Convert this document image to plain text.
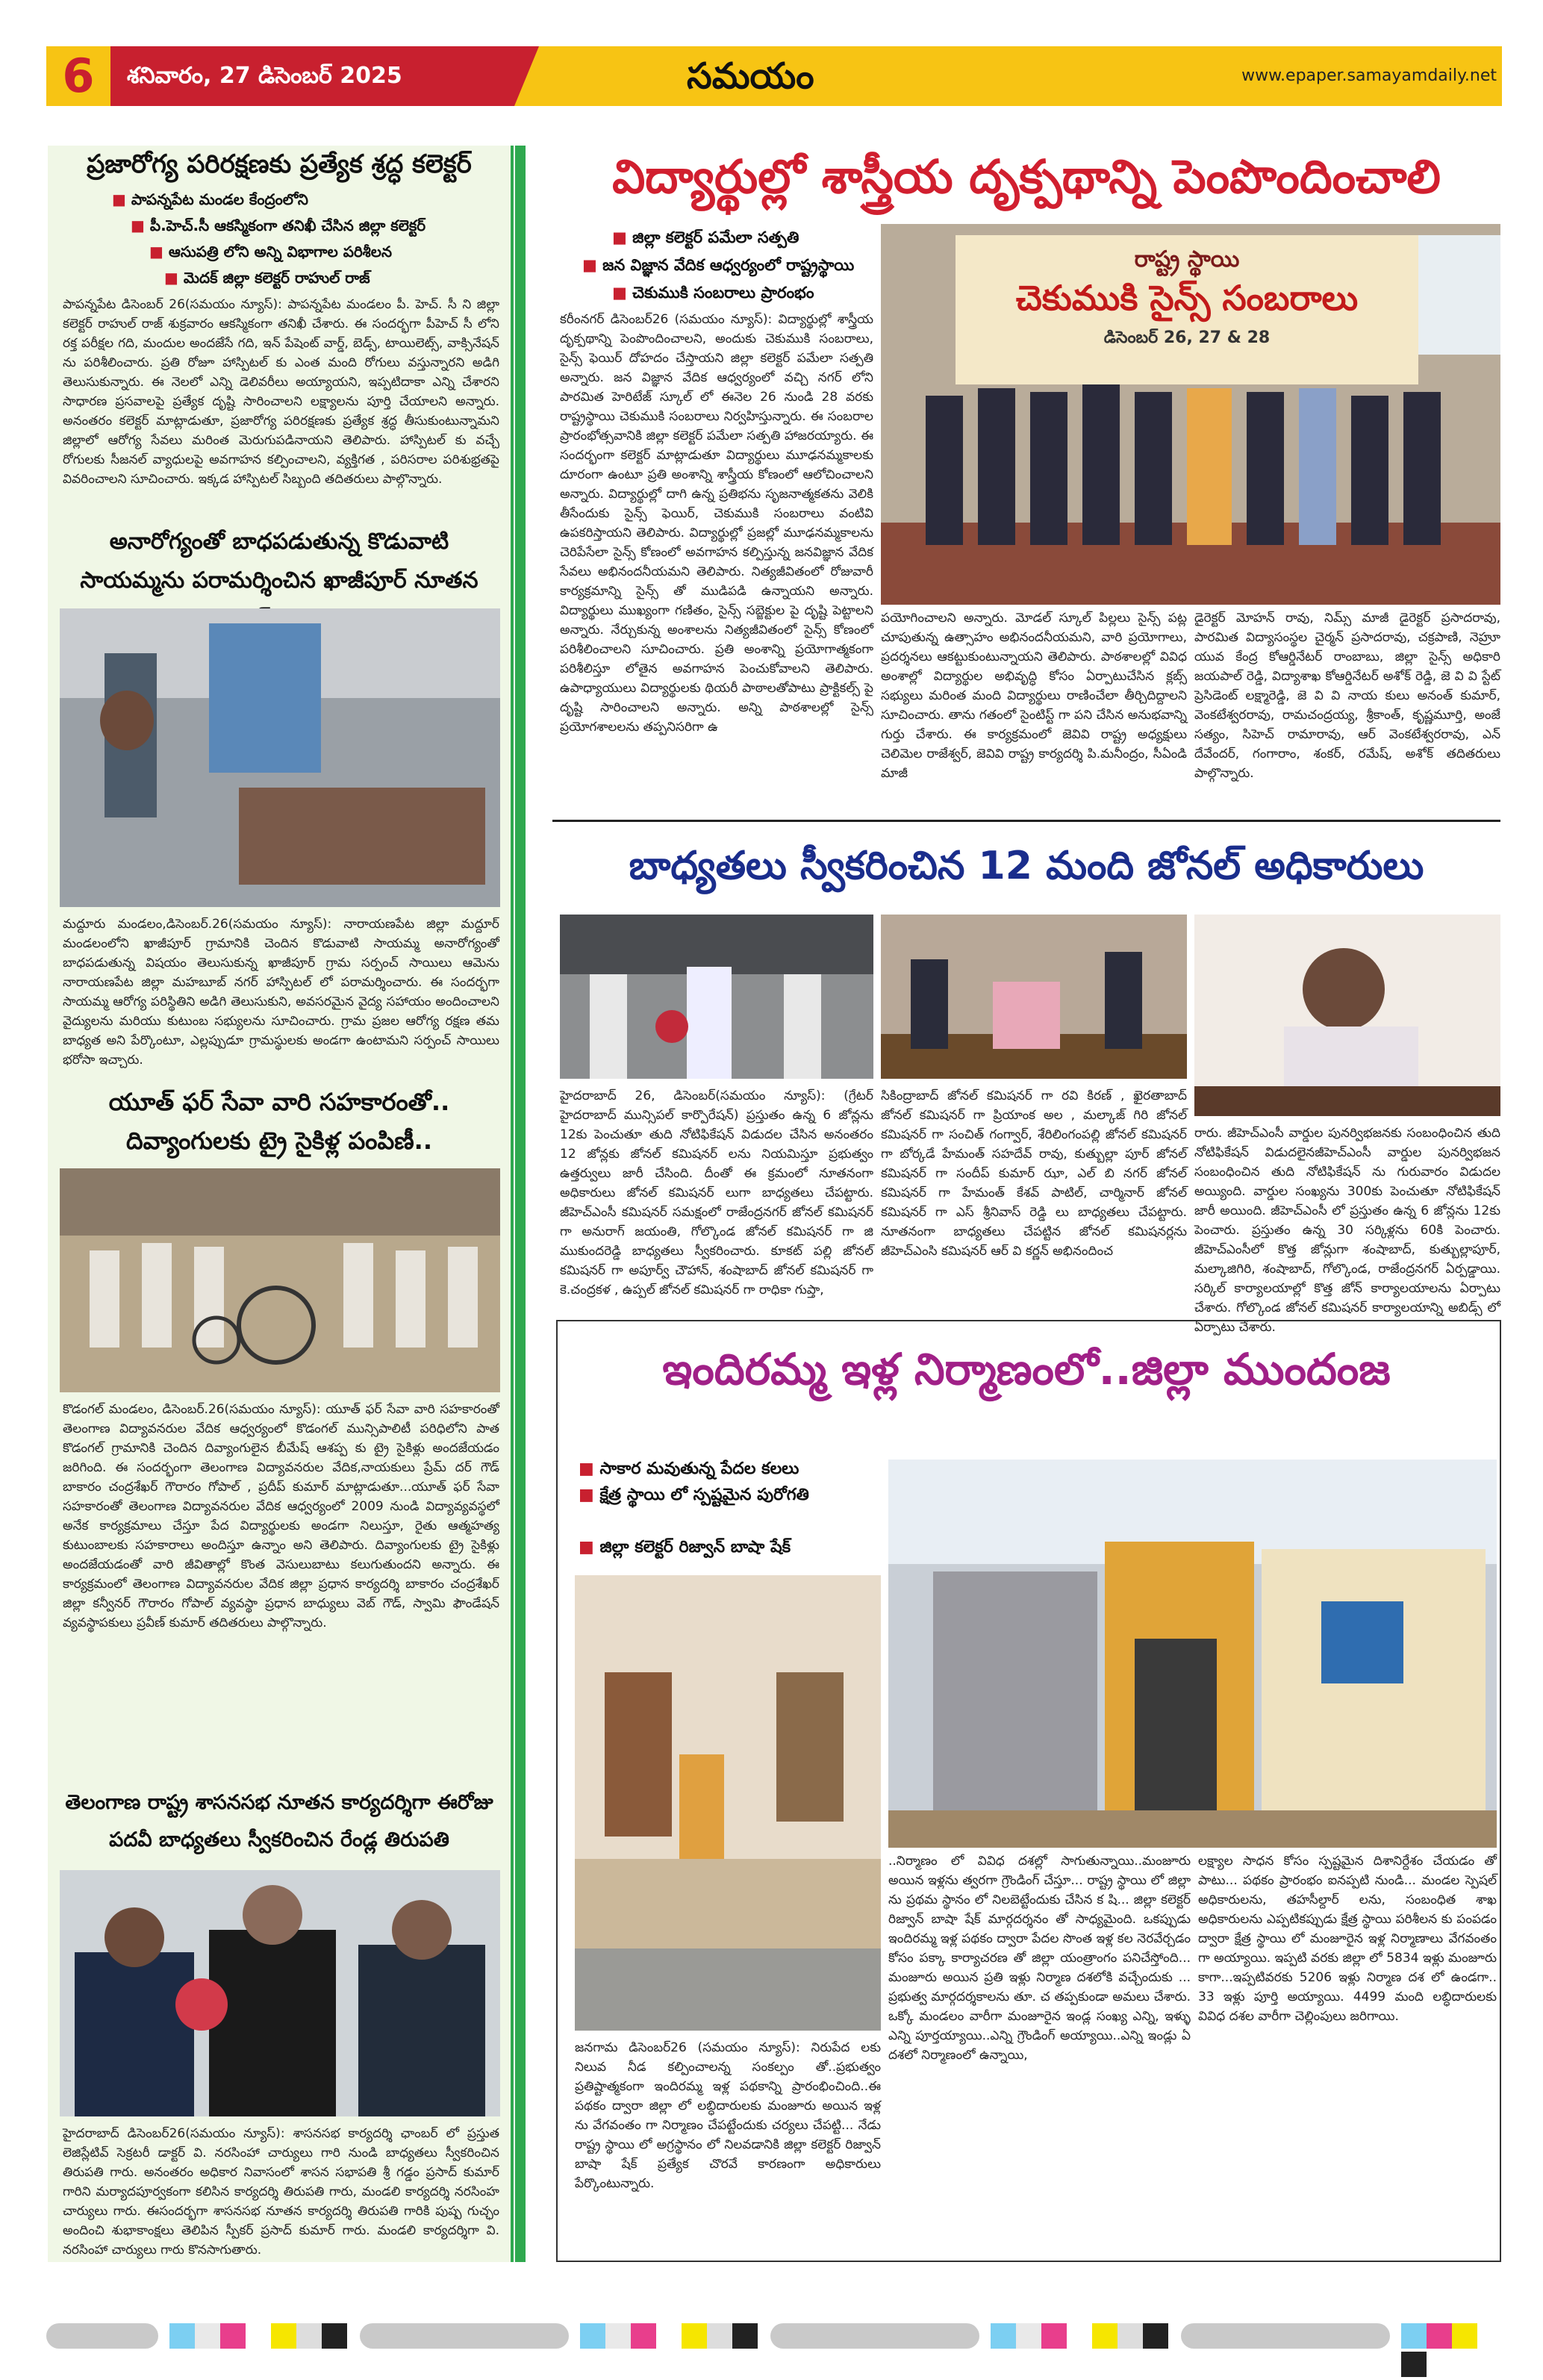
6	శనివారం, 27 డిసెంబర్ 2025	సమయం	www.epaper.samayamdaily.net
ప్రజారోగ్య పరిరక్షణకు ప్రత్యేక శ్రద్ధ కలెక్టర్
■ పాపన్నపేట మండల కేంద్రంలోని
■ పీ.హెచ్.సీ ఆకస్మికంగా తనిఖీ చేసిన జిల్లా కలెక్టర్
■ ఆసుపత్రి లోని అన్ని విభాగాల పరిశీలన
■ మెదక్ జిల్లా కలెక్టర్ రాహుల్ రాజ్
పాపన్నపేట డిసెంబర్ 26(సమయం న్యూస్): పాపన్నపేట మండలం పీ. హెచ్. సీ ని జిల్లా కలెక్టర్ రాహుల్ రాజ్ శుక్రవారం ఆకస్మికంగా తనిఖీ చేశారు. ఈ సందర్భగా పీహెచ్ సీ లోని రక్త పరీక్షల గది, మందుల అందజేసే గది, ఇన్ పేషెంట్ వార్డ్, బెడ్స్, టాయిలెట్స్, వాక్సినేషన్ ను పరిశీలించారు. ప్రతి రోజూ హాస్పిటల్ కు ఎంత మంది రోగులు వస్తున్నారని అడిగి తెలుసుకున్నారు. ఈ నెలలో ఎన్ని డెలివరీలు అయ్యాయని, ఇప్పటిదాకా ఎన్ని చేశారని సాధారణ ప్రసవాలపై ప్రత్యేక దృష్టి సారించాలని లక్ష్యాలను పూర్తి చేయాలని అన్నారు. అనంతరం కలెక్టర్ మాట్లాడుతూ, ప్రజారోగ్య పరిరక్షణకు ప్రత్యేక శ్రద్ధ తీసుకుంటున్నామని జిల్లాలో ఆరోగ్య సేవలు మరింత మెరుగుపడినాయని తెలిపారు. హాస్పిటల్ కు వచ్చే రోగులకు సీజనల్ వ్యాధులపై అవగాహన కల్పించాలని, వ్యక్తిగత , పరిసరాల పరిశుభ్రతపై వివరించాలని సూచించారు. ఇక్కడ హాస్పిటల్ సిబ్బంది తదితరులు పాల్గొన్నారు.
అనారోగ్యంతో బాధపడుతున్న కొడువాటి సాయమ్మను పరామర్శించిన ఖాజీపూర్ నూతన
మద్దూరు మండలం,డిసెంబర్.26(సమయం న్యూస్): నారాయణపేట జిల్లా మద్దూర్ మండలంలోని ఖాజీపూర్ గ్రామానికి చెందిన కొడువాటి సాయమ్మ అనారోగ్యంతో బాధపడుతున్న విషయం తెలుసుకున్న ఖాజీపూర్ గ్రామ సర్పంచ్ సాయిలు ఆమెను నారాయణపేట జిల్లా మహబూబ్ నగర్ హాస్పిటల్ లో పరామర్శించారు. ఈ సందర్భగా సాయమ్మ ఆరోగ్య పరిస్థితిని అడిగి తెలుసుకుని, అవసరమైన వైద్య సహాయం అందించాలని వైద్యులను మరియు కుటుంబ సభ్యులను సూచించారు. గ్రామ ప్రజల ఆరోగ్య రక్షణ తమ బాధ్యత అని పేర్కొంటూ, ఎల్లప్పుడూ గ్రామస్థులకు అండగా ఉంటామని సర్పంచ్ సాయిలు భరోసా ఇచ్చారు.
యూత్ ఫర్ సేవా వారి సహకారంతో.. దివ్యాంగులకు ట్రై సైకిళ్ల పంపిణీ..
కొడంగల్ మండలం, డిసెంబర్.26(సమయం న్యూస్): యూత్ ఫర్ సేవా వారి సహకారంతో తెలంగాణ విద్యావనరుల వేదిక ఆధ్వర్యంలో కొడంగల్ మున్సిపాలిటీ పరిధిలోని పాత కొడంగల్ గ్రామానికి చెందిన దివ్యాంగులైన బీమేష్ ఆశప్ప కు ట్రై సైకిళ్లు అందజేయడం జరిగింది. ఈ సందర్భంగా తెలంగాణ విద్యావనరుల వేదిక,నాయకులు ప్రేమ్ దర్ గౌడ్ బాకారం చంద్రశేఖర్ గౌరారం గోపాల్ , ప్రదీప్ కుమార్ మాట్లాడుతూ...యూత్ ఫర్ సేవా సహకారంతో తెలంగాణ విద్యావనరుల వేదిక ఆధ్వర్యంలో 2009 నుండి విద్యావ్యవస్థలో అనేక కార్యక్రమాలు చేస్తూ పేద విద్యార్థులకు అండగా నిలుస్తూ, రైతు ఆత్మహత్య కుటుంబాలకు సహకారాలు అందిస్తూ ఉన్నాం అని తెలిపారు. దివ్యాంగులకు ట్రై సైకిళ్లు అందజేయడంతో వారి జీవితాల్లో కొంత వెసులుబాటు కలుగుతుందని అన్నారు. ఈ కార్యక్రమంలో తెలంగాణ విద్యావనరుల వేదిక జిల్లా ప్రధాన కార్యదర్శి బాకారం చంద్రశేఖర్ జిల్లా కన్వీనర్ గౌరారం గోపాల్ వ్యవస్థా ప్రధాన బాధ్యులు వెబ్ గౌడ్, స్వామి ఫౌండేషన్ వ్యవస్థాపకులు ప్రవీణ్ కుమార్ తదితరులు పాల్గొన్నారు.
తెలంగాణ రాష్ట్ర శాసనసభ నూతన కార్యదర్శిగా ఈరోజు పదవీ బాధ్యతలు స్వీకరించిన రేండ్ల తిరుపతి
హైదరాబాద్ డిసెంబర్26(సమయం న్యూస్): శాసనసభ కార్యదర్శి ఛాంబర్ లో ప్రస్తుత లెజిస్లేటివ్ సెక్రటరీ డాక్టర్ వి. నరసింహా చార్యులు గారి నుండి బాధ్యతలు స్వీకరించిన తిరుపతి గారు. అనంతరం అధికార నివాసంలో శాసన సభాపతి శ్రీ గడ్డం ప్రసాద్ కుమార్ గారిని మర్యాదపూర్వకంగా కలిసిన కార్యదర్శి తిరుపతి గారు, మండలి కార్యదర్శి నరసింహ చార్యులు గారు. ఈసందర్భగా శాసనసభ నూతన కార్యదర్శి తిరుపతి గారికి పుష్ప గుచ్ఛం అందించి శుభాకాంక్షలు తెలిపిన స్పీకర్ ప్రసాద్ కుమార్ గారు. మండలి కార్యదర్శిగా వి. నరసింహా చార్యులు గారు కొనసాగుతారు.
విద్యార్థుల్లో శాస్త్రీయ దృక్పథాన్ని పెంపొందించాలి
■ జిల్లా కలెక్టర్ పమేలా సత్పతి
■ జన విజ్ఞాన వేదిక ఆధ్వర్యంలో రాష్ట్రస్థాయి
■ చెకుముకి సంబరాలు ప్రారంభం
రాష్ట్ర స్థాయి
చెకుముకి సైన్స్ సంబరాలు
డిసెంబర్ 26, 27 & 28
కరీంనగర్ డిసెంబర్26 (సమయం న్యూస్): విద్యార్థుల్లో శాస్త్రీయ దృక్పథాన్ని పెంపొందించాలని, అందుకు చెకుముకి సంబరాలు, సైన్స్ ఫెయిర్ దోహదం చేస్తాయని జిల్లా కలెక్టర్ పమేలా సత్పతి అన్నారు. జన విజ్ఞాన వేదిక ఆధ్వర్యంలో వచ్చి నగర్ లోని పారమిత హెరిటేజ్ స్కూల్ లో ఈనెల 26 నుండి 28 వరకు రాష్ట్రస్థాయి చెకుముకి సంబరాలు నిర్వహిస్తున్నారు. ఈ సంబరాల ప్రారంభోత్సవానికి జిల్లా కలెక్టర్ పమేలా సత్పతి హాజరయ్యారు. ఈ సందర్భంగా కలెక్టర్ మాట్లాడుతూ విద్యార్థులు మూఢనమ్మకాలకు దూరంగా ఉంటూ ప్రతి అంశాన్ని శాస్త్రీయ కోణంలో ఆలోచించాలని అన్నారు. విద్యార్థుల్లో దాగి ఉన్న ప్రతిభను సృజనాత్మకతను వెలికి తీసేందుకు సైన్స్ ఫెయిర్, చెకుముకి సంబరాలు వంటివి ఉపకరిస్తాయని తెలిపారు. విద్యార్థుల్లో ప్రజల్లో మూఢనమ్మకాలను చెరిపేసేలా సైన్స్ కోణంలో అవగాహన కల్పిస్తున్న జనవిజ్ఞాన వేదిక సేవలు అభినందనీయమని తెలిపారు. నిత్యజీవితంలో రోజువారీ కార్యక్రమాన్ని సైన్స్ తో ముడిపడి ఉన్నాయని అన్నారు. విద్యార్థులు ముఖ్యంగా గణితం, సైన్స్ సబ్జెక్టుల పై దృష్టి పెట్టాలని అన్నారు. నేర్చుకున్న అంశాలను నిత్యజీవితంలో సైన్స్ కోణంలో పరిశీలించాలని సూచించారు. ప్రతి అంశాన్ని ప్రయోగాత్మకంగా పరిశీలిస్తూ లోతైన అవగాహన పెంచుకోవాలని తెలిపారు. ఉపాధ్యాయులు విద్యార్థులకు థియరీ పాఠాలతోపాటు ప్రాక్టికల్స్ పై దృష్టి సారించాలని అన్నారు. అన్ని పాఠశాలల్లో సైన్స్ ప్రయోగశాలలను తప్పనిసరిగా ఉ
పయోగించాలని అన్నారు. మోడల్ స్కూల్ పిల్లలు సైన్స్ పట్ల చూపుతున్న ఉత్సాహం అభినందనీయమని, వారి ప్రయోగాలు, ప్రదర్శనలు ఆకట్టుకుంటున్నాయని తెలిపారు. పాఠశాలల్లో వివిధ అంశాల్లో విద్యార్థుల అభివృద్ధి కోసం ఏర్పాటుచేసిన క్లబ్స్ సభ్యులు మరింత మంది విద్యార్థులు రాణించేలా తీర్చిదిద్దాలని సూచించారు. తాను గతంలో సైంటిస్ట్ గా పని చేసిన అనుభవాన్ని గుర్తు చేశారు. ఈ కార్యక్రమంలో జెవివి రాష్ట్ర అధ్యక్షులు చెలిమెల రాజేశ్వర్, జెవివి రాష్ట్ర కార్యదర్శి పి.మనీంద్రం, సీఏండి మాజీ
డైరెక్టర్ మోహన్ రావు, నిమ్స్ మాజీ డైరెక్టర్ ప్రసాదరావు, పారమిత విద్యాసంస్థల చైర్మన్ ప్రసాదరావు, చక్రపాణి, నెహ్రూ యువ కేంద్ర కోఆర్డినేటర్ రాంబాబు, జిల్లా సైన్స్ అధికారి జయపాల్ రెడ్డి, విద్యాశాఖ కోఆర్డినేటర్ అశోక్ రెడ్డి, జె వి వి స్టేట్ ప్రెసిడెంట్ లక్ష్మారెడ్డి, జె వి వి నాయ కులు అనంత్ కుమార్, వెంకటేశ్వరరావు, రామచంద్రయ్య, శ్రీకాంత్, కృష్ణమూర్తి, అంజే సత్యం, సిహెచ్ రామారావు, ఆర్ వెంకటేశ్వరరావు, ఎన్ దేవేందర్, గంగారాం, శంకర్, రమేష్, అశోక్ తదితరులు పాల్గొన్నారు.
బాధ్యతలు స్వీకరించిన 12 మంది జోనల్ అధికారులు
హైదరాబాద్ 26, డిసెంబర్(సమయం న్యూస్): (గ్రేటర్ హైదరాబాద్ మున్సిపల్ కార్పొరేషన్) ప్రస్తుతం ఉన్న 6 జోన్లను 12కు పెంచుతూ తుది నోటిఫికేషన్ విడుదల చేసిన అనంతరం 12 జోన్లకు జోనల్ కమిషనర్ లను నియమిస్తూ ప్రభుత్వం ఉత్తర్వులు జారీ చేసింది. దీంతో ఈ క్రమంలో నూతనంగా అధికారులు జోనల్ కమిషనర్ లుగా బాధ్యతలు చేపట్టారు. జీహెచ్ఎంసీ కమిషనర్ సమక్షంలో రాజేంద్రనగర్ జోనల్ కమిషనర్ గా అనురాగ్ జయంతి, గోల్కొండ జోనల్ కమిషనర్ గా జి ముకుందరెడ్డి బాధ్యతలు స్వీకరించారు. కూకట్ పల్లి జోనల్ కమిషనర్ గా అపూర్వ్ చౌహాన్, శంషాబాద్ జోనల్ కమిషనర్ గా కె.చంద్రకళ , ఉప్పల్ జోనల్ కమిషనర్ గా రాధికా గుప్తా,
సికింద్రాబాద్ జోనల్ కమిషనర్ గా రవి కిరణ్ , ఖైరతాబాద్ జోనల్ కమిషనర్ గా ప్రియాంక అల , మల్కాజ్ గిరి జోనల్ కమిషనర్ గా సంచిత్ గంగ్వార్, శేరిలింగంపల్లి జోనల్ కమిషనర్ గా బోర్కడే హేమంత్ సహదేవ్ రావు, కుత్బుల్లా పూర్ జోనల్ కమిషనర్ గా సందీప్ కుమార్ ఝా, ఎల్ బి నగర్ జోనల్ కమిషనర్ గా హేమంత్ కేశవ్ పాటిల్, చార్మినార్ జోనల్ కమిషనర్ గా ఎస్ శ్రీనివాస్ రెడ్డి లు బాధ్యతలు చేపట్టారు. నూతనంగా బాధ్యతలు చేపట్టిన జోనల్ కమిషనర్లను జీహెచ్ఎంసి కమిషనర్ ఆర్ వి కర్ణన్ అభినందించ
రారు. జీహెచ్ఎంసీ వార్డుల పునర్విభజనకు సంబంధించిన తుది నోటిఫికేషన్ విడుదలైనజీహెచ్ఎంసీ వార్డుల పునర్విభజన సంబంధించిన తుది నోటిఫికేషన్ ను గురువారం విడుదల అయ్యింది. వార్డుల సంఖ్యను 300కు పెంచుతూ నోటిఫికేషన్ జారీ అయింది. జీహెచ్ఎంసీ లో ప్రస్తుతం ఉన్న 6 జోన్లను 12కు పెంచారు. ప్రస్తుతం ఉన్న 30 సర్కిళ్లను 60కి పెంచారు. జీహెచ్ఎంసీలో కొత్త జోన్లుగా శంషాబాద్, కుత్బుల్లాపూర్, మల్కాజిగిరి, శంషాబాద్, గోల్కొండ, రాజేంద్రనగర్ ఏర్పడ్డాయి. సర్కిల్ కార్యాలయాల్లో కొత్త జోన్ కార్యాలయాలను ఏర్పాటు చేశారు. గోల్కొండ జోనల్ కమిషనర్ కార్యాలయాన్ని అబిడ్స్ లో ఏర్పాటు చేశారు.
ఇందిరమ్మ ఇళ్ల నిర్మాణంలో..జిల్లా ముందంజ
■ సాకార మవుతున్న పేదల కలలు
■ క్షేత్ర స్థాయి లో స్పష్టమైన పురోగతి
■ జిల్లా కలెక్టర్ రిజ్వాన్ బాషా షేక్
జనగామ డిసెంబర్26 (సమయం న్యూస్): నిరుపేద లకు నిలువ నీడ కల్పించాలన్న సంకల్పం తో..ప్రభుత్వం ప్రతిష్టాత్మకంగా ఇందిరమ్మ ఇళ్ల పథకాన్ని ప్రారంభించింది..ఈ పథకం ద్వారా జిల్లా లో లబ్ధిదారులకు మంజూరు అయిన ఇళ్ల ను వేగవంతం గా నిర్మాణం చేపట్టేందుకు చర్యలు చేపట్టి... నేడు రాష్ట్ర స్థాయి లో అగ్రస్థానం లో నిలవడానికి జిల్లా కలెక్టర్ రిజ్వాన్ బాషా షేక్ ప్రత్యేక చొరవే కారణంగా అధికారులు పేర్కొంటున్నారు.
..నిర్మాణం లో వివిధ దశల్లో సాగుతున్నాయి..మంజూరు అయిన ఇళ్లను త్వరగా గ్రౌండింగ్ చేస్తూ... రాష్ట్ర స్థాయి లో జిల్లా ను ప్రథమ స్థానం లో నిలబెట్టేందుకు చేసిన క షి... జిల్లా కలెక్టర్ రిజ్వాన్ బాషా షేక్ మార్గదర్శనం తో సాధ్యమైంది. ఒకప్పుడు ఇందిరమ్మ ఇళ్ల పథకం ద్వారా పేదల సొంత ఇళ్ల కల నెరవేర్చడం కోసం పక్కా కార్యాచరణ తో జిల్లా యంత్రాంగం పనిచేస్తోంది... మంజూరు అయిన ప్రతి ఇళ్లు నిర్మాణ దశలోకి వచ్చేందుకు ... ప్రభుత్వ మార్గదర్శకాలను తూ. చ తప్పకుండా అమలు చేశారు. ఒక్కో మండలం వారీగా మంజూరైన ఇండ్ల సంఖ్య ఎన్ని, ఇళ్ళు ఎన్ని పూర్తయ్యాయి..ఎన్ని గ్రౌండింగ్ అయ్యాయి..ఎన్ని ఇండ్లు ఏ దశలో నిర్మాణంలో ఉన్నాయి,
లక్ష్యాల సాధన కోసం స్పష్టమైన దిశానిర్దేశం చేయడం తో పాటు... పథకం ప్రారంభం ఐనప్పటి నుండి... మండల స్పెషల్ అధికారులను, తహసీల్దార్ లను, సంబంధిత శాఖ అధికారులను ఎప్పటికప్పుడు క్షేత్ర స్థాయి పరిశీలన కు పంపడం ద్వారా క్షేత్ర స్థాయి లో మంజూరైన ఇళ్ల నిర్మాణాలు వేగవంతం గా అయ్యాయి. ఇప్పటి వరకు జిల్లా లో 5834 ఇళ్లు మంజూరు కాగా...ఇప్పటివరకు 5206 ఇళ్లు నిర్మాణ దశ లో ఉండగా.. 33 ఇళ్లు పూర్తి అయ్యాయి. 4499 మంది లబ్ధిదారులకు వివిధ దశల వారీగా చెల్లింపులు జరిగాయి.
